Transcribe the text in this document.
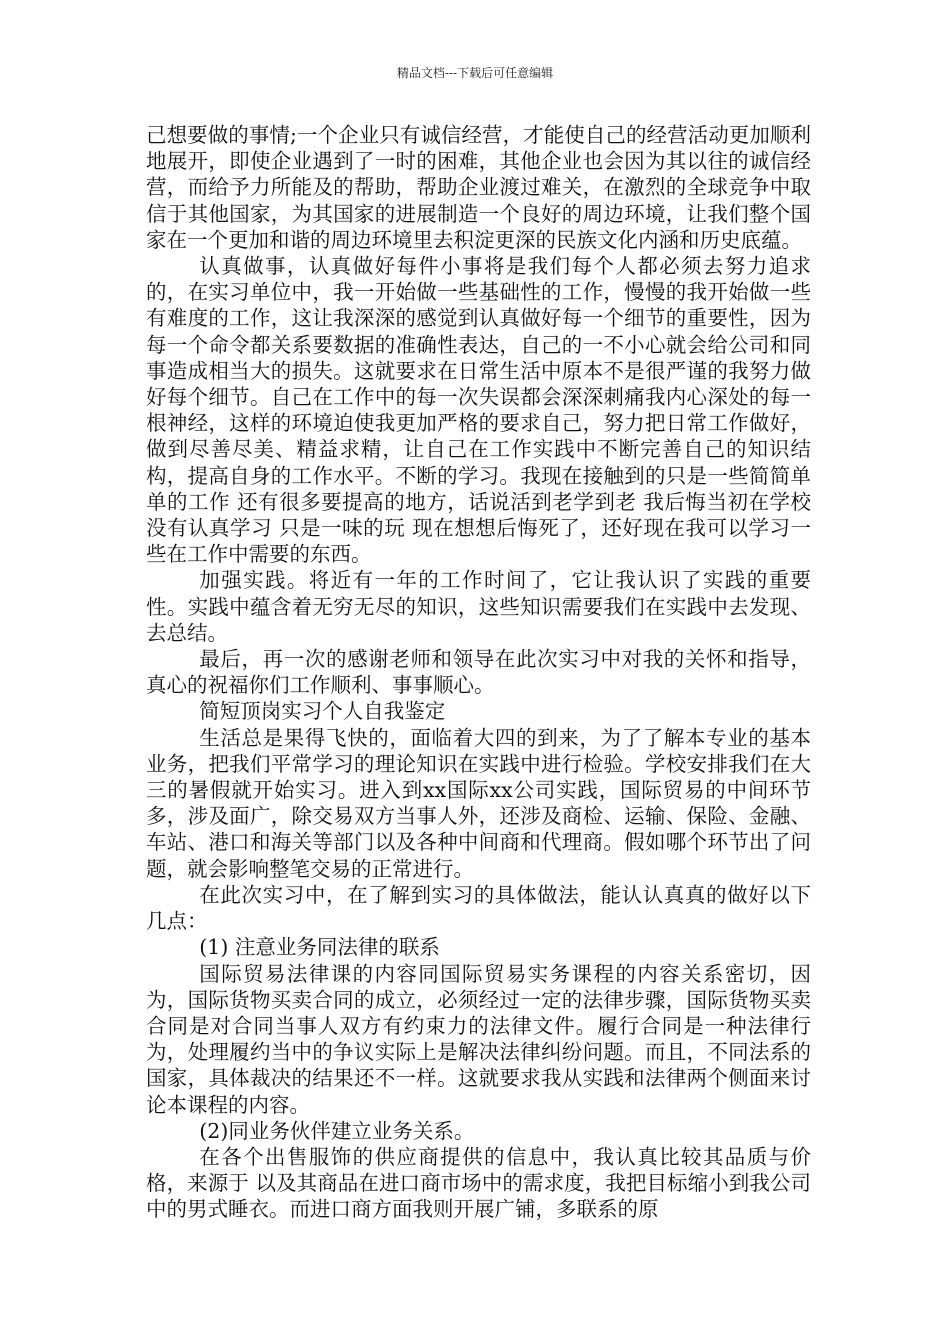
精品文档---下载后可任意编辑

己想要做的事情;一个企业只有诚信经营，才能使自己的经营活动更加顺利地展开，即使企业遇到了一时的困难，其他企业也会因为其以往的诚信经营，而给予力所能及的帮助，帮助企业渡过难关，在激烈的全球竞争中取信于其他国家，为其国家的进展制造一个良好的周边环境，让我们整个国家在一个更加和谐的周边环境里去积淀更深的民族文化内涵和历史底蕴。

认真做事，认真做好每件小事将是我们每个人都必须去努力追求的，在实习单位中，我一开始做一些基础性的工作，慢慢的我开始做一些有难度的工作，这让我深深的感觉到认真做好每一个细节的重要性，因为每一个命令都关系要数据的准确性表达，自己的一不小心就会给公司和同事造成相当大的损失。这就要求在日常生活中原本不是很严谨的我努力做好每个细节。自己在工作中的每一次失误都会深深刺痛我内心深处的每一根神经，这样的环境迫使我更加严格的要求自己，努力把日常工作做好，做到尽善尽美、精益求精，让自己在工作实践中不断完善自己的知识结构，提高自身的工作水平。不断的学习。我现在接触到的只是一些简简单单的工作 还有很多要提高的地方，话说活到老学到老 我后悔当初在学校没有认真学习 只是一味的玩 现在想想后悔死了，还好现在我可以学习一些在工作中需要的东西。

加强实践。将近有一年的工作时间了，它让我认识了实践的重要性。实践中蕴含着无穷无尽的知识，这些知识需要我们在实践中去发现、去总结。

最后，再一次的感谢老师和领导在此次实习中对我的关怀和指导，真心的祝福你们工作顺利、事事顺心。

简短顶岗实习个人自我鉴定

生活总是果得飞快的，面临着大四的到来，为了了解本专业的基本业务，把我们平常学习的理论知识在实践中进行检验。学校安排我们在大三的暑假就开始实习。进入到xx国际xx公司实践，国际贸易的中间环节多，涉及面广，除交易双方当事人外，还涉及商检、运输、保险、金融、车站、港口和海关等部门以及各种中间商和代理商。假如哪个环节出了问题，就会影响整笔交易的正常进行。

在此次实习中，在了解到实习的具体做法，能认认真真的做好以下几点：

(1) 注意业务同法律的联系

国际贸易法律课的内容同国际贸易实务课程的内容关系密切，因为，国际货物买卖合同的成立，必须经过一定的法律步骤，国际货物买卖合同是对合同当事人双方有约束力的法律文件。履行合同是一种法律行为，处理履约当中的争议实际上是解决法律纠纷问题。而且，不同法系的国家，具体裁决的结果还不一样。这就要求我从实践和法律两个侧面来讨论本课程的内容。

(2)同业务伙伴建立业务关系。

在各个出售服饰的供应商提供的信息中，我认真比较其品质与价格，来源于 以及其商品在进口商市场中的需求度，我把目标缩小到我公司中的男式睡衣。而进口商方面我则开展广铺，多联系的原
